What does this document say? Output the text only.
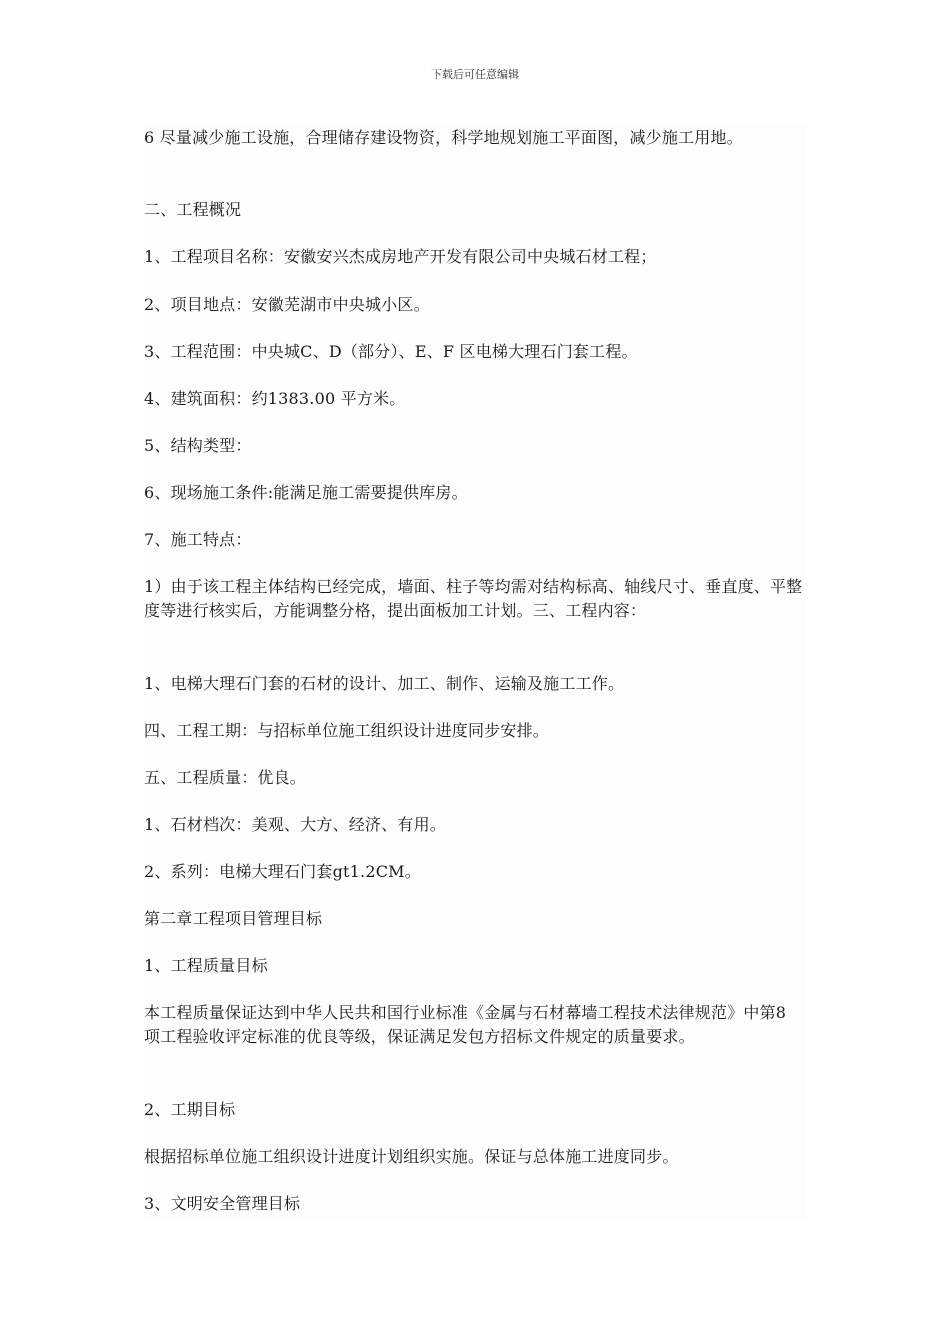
下载后可任意编辑

6 尽量减少施工设施，合理储存建设物资，科学地规划施工平面图，减少施工用地。

二、工程概况

1、工程项目名称：安徽安兴杰成房地产开发有限公司中央城石材工程；

2、项目地点：安徽芜湖市中央城小区。

3、工程范围：中央城C、D（部分）、E、F 区电梯大理石门套工程。

4、建筑面积：约1383.00 平方米。

5、结构类型：

6、现场施工条件:能满足施工需要提供库房。

7、施工特点：

1）由于该工程主体结构已经完成，墙面、柱子等均需对结构标高、轴线尺寸、垂直度、平整度等进行核实后，方能调整分格，提出面板加工计划。三、工程内容：

1、电梯大理石门套的石材的设计、加工、制作、运输及施工工作。

四、工程工期：与招标单位施工组织设计进度同步安排。

五、工程质量：优良。

1、石材档次：美观、大方、经济、有用。

2、系列：电梯大理石门套gt1.2CM。

第二章工程项目管理目标

1、工程质量目标

本工程质量保证达到中华人民共和国行业标准《金属与石材幕墙工程技术法律规范》中第8 项工程验收评定标准的优良等级，保证满足发包方招标文件规定的质量要求。

2、工期目标

根据招标单位施工组织设计进度计划组织实施。保证与总体施工进度同步。

3、文明安全管理目标
